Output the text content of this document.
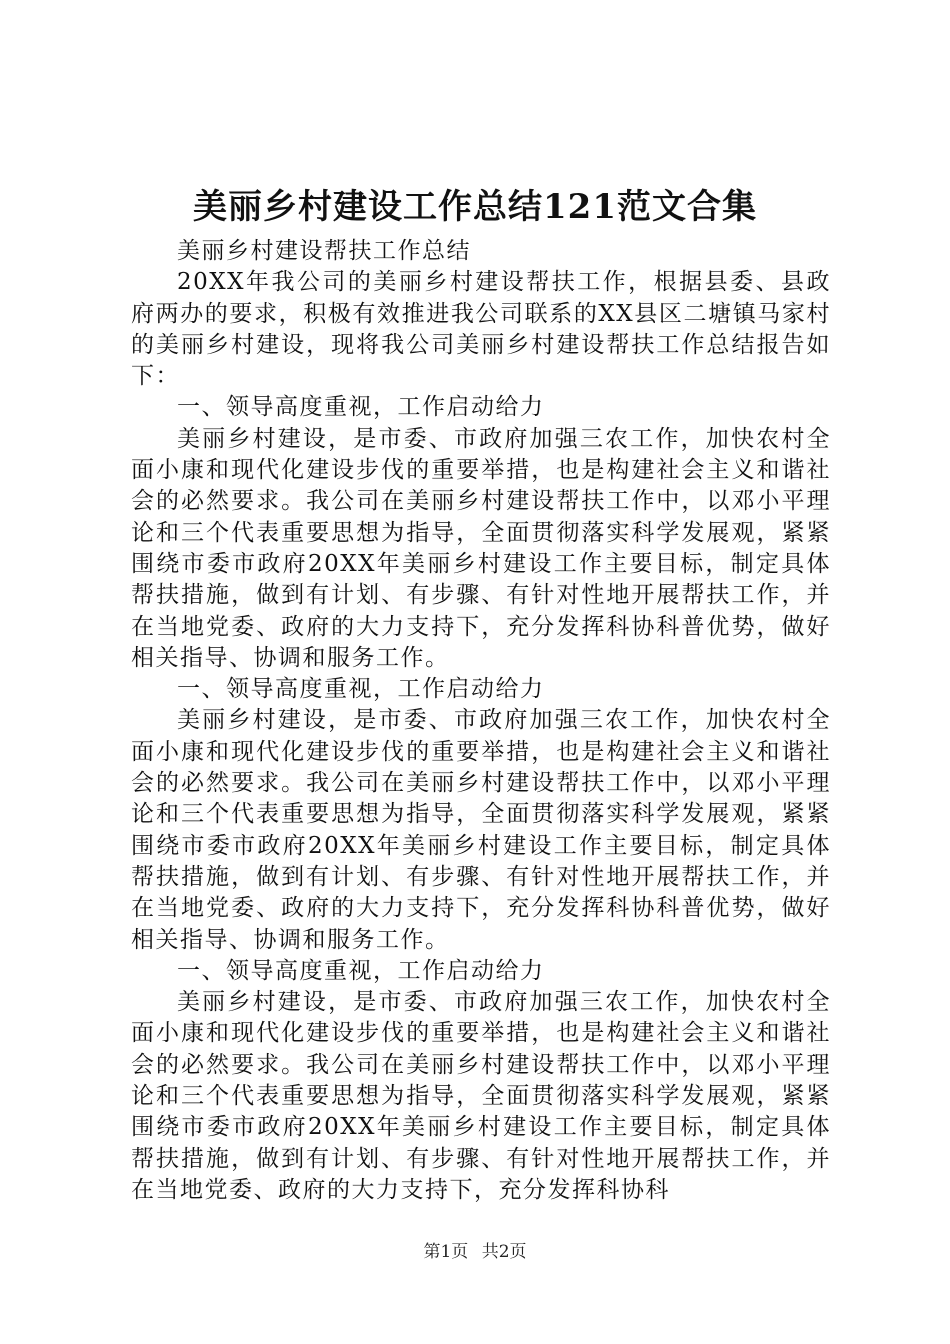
美丽乡村建设工作总结121范文合集

美丽乡村建设帮扶工作总结

20XX年我公司的美丽乡村建设帮扶工作，根据县委、县政府两办的要求，积极有效推进我公司联系的XX县区二塘镇马家村的美丽乡村建设，现将我公司美丽乡村建设帮扶工作总结报告如下：

一、领导高度重视，工作启动给力

美丽乡村建设，是市委、市政府加强三农工作，加快农村全面小康和现代化建设步伐的重要举措，也是构建社会主义和谐社会的必然要求。我公司在美丽乡村建设帮扶工作中，以邓小平理论和三个代表重要思想为指导，全面贯彻落实科学发展观，紧紧围绕市委市政府20XX年美丽乡村建设工作主要目标，制定具体帮扶措施，做到有计划、有步骤、有针对性地开展帮扶工作，并在当地党委、政府的大力支持下，充分发挥科协科普优势，做好相关指导、协调和服务工作。

一、领导高度重视，工作启动给力

美丽乡村建设，是市委、市政府加强三农工作，加快农村全面小康和现代化建设步伐的重要举措，也是构建社会主义和谐社会的必然要求。我公司在美丽乡村建设帮扶工作中，以邓小平理论和三个代表重要思想为指导，全面贯彻落实科学发展观，紧紧围绕市委市政府20XX年美丽乡村建设工作主要目标，制定具体帮扶措施，做到有计划、有步骤、有针对性地开展帮扶工作，并在当地党委、政府的大力支持下，充分发挥科协科普优势，做好相关指导、协调和服务工作。

一、领导高度重视，工作启动给力

美丽乡村建设，是市委、市政府加强三农工作，加快农村全面小康和现代化建设步伐的重要举措，也是构建社会主义和谐社会的必然要求。我公司在美丽乡村建设帮扶工作中，以邓小平理论和三个代表重要思想为指导，全面贯彻落实科学发展观，紧紧围绕市委市政府20XX年美丽乡村建设工作主要目标，制定具体帮扶措施，做到有计划、有步骤、有针对性地开展帮扶工作，并在当地党委、政府的大力支持下，充分发挥科协科

第1页 共2页
